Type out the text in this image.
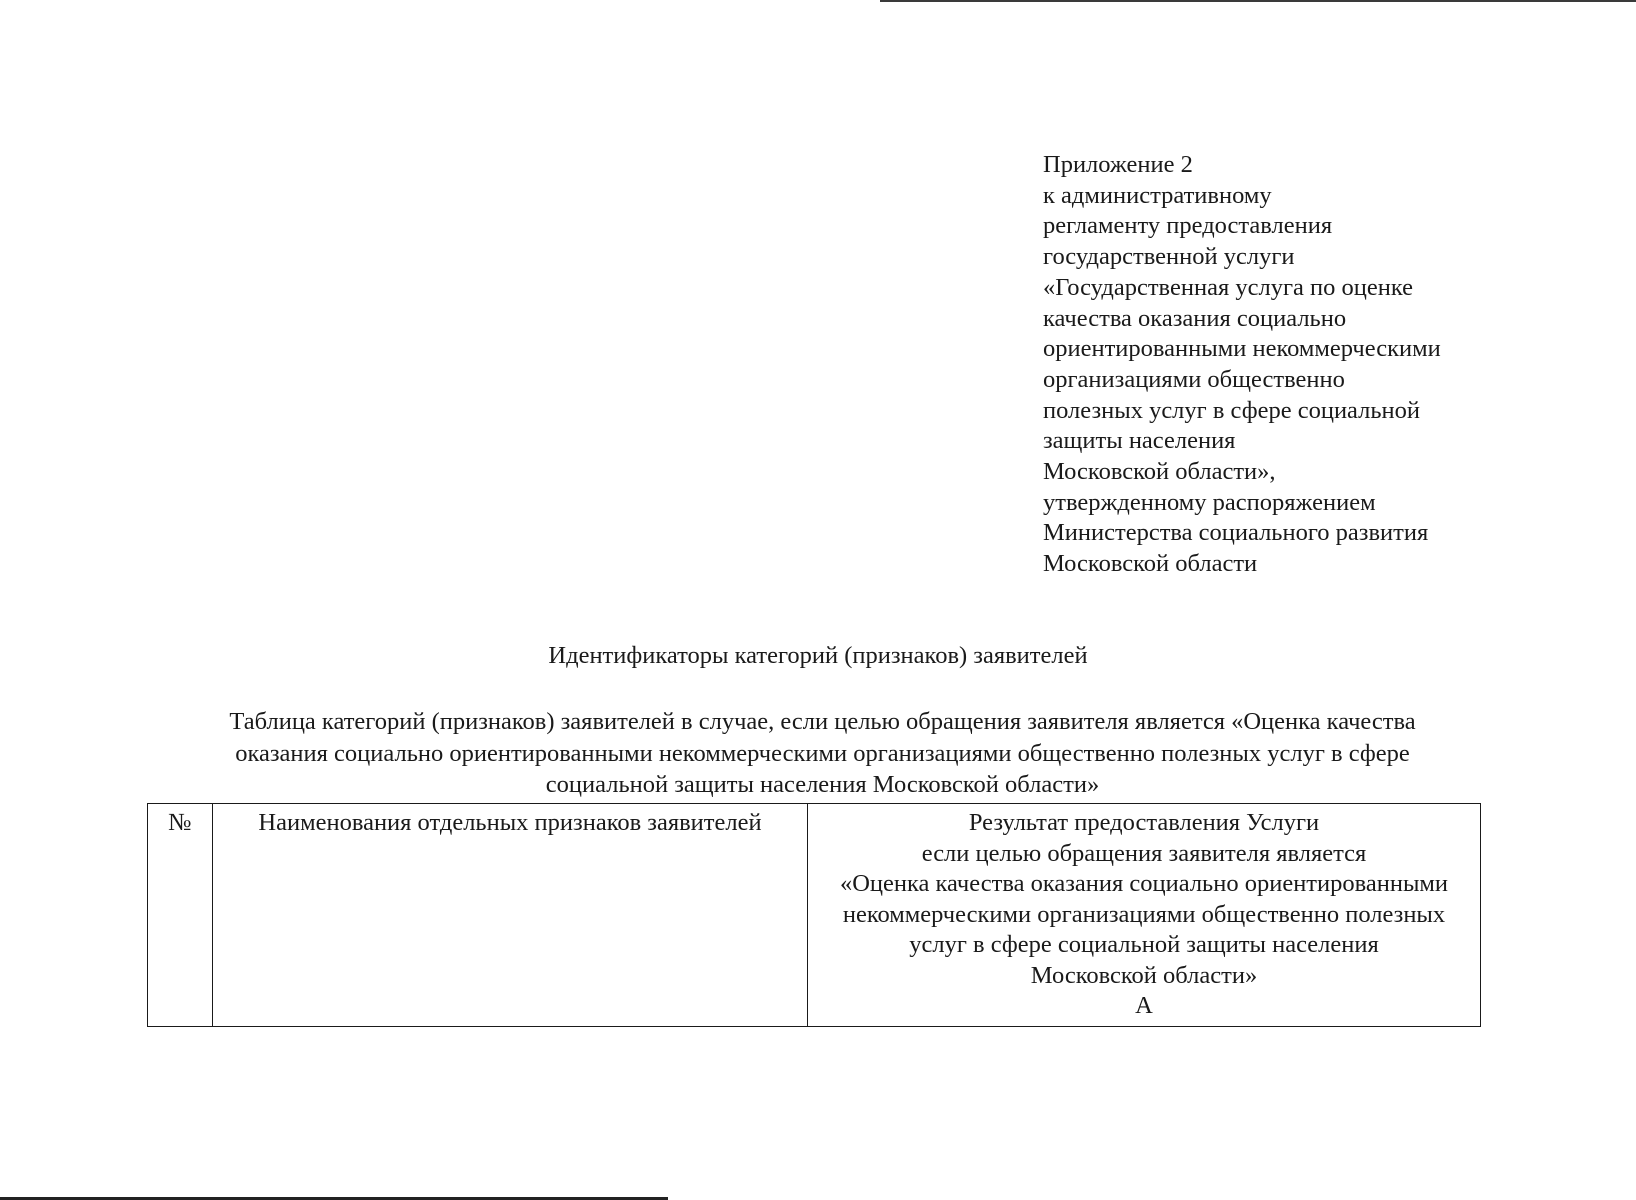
Приложение 2
к административному
регламенту предоставления
государственной услуги
«Государственная услуга по оценке
качества оказания социально
ориентированными некоммерческими
организациями общественно
полезных услуг в сфере социальной
защиты населения
Московской области»,
утвержденному распоряжением
Министерства социального развития
Московской области
Идентификаторы категорий (признаков) заявителей
Таблица категорий (признаков) заявителей в случае, если целью обращения заявителя является «Оценка качества
оказания социально ориентированными некоммерческими организациями общественно полезных услуг в сфере
социальной защиты населения Московской области»
№	Наименования отдельных признаков заявителей	Результат предоставления Услуги
если целью обращения заявителя является
«Оценка качества оказания социально ориентированными
некоммерческими организациями общественно полезных
услуг в сфере социальной защиты населения
Московской области»
А
